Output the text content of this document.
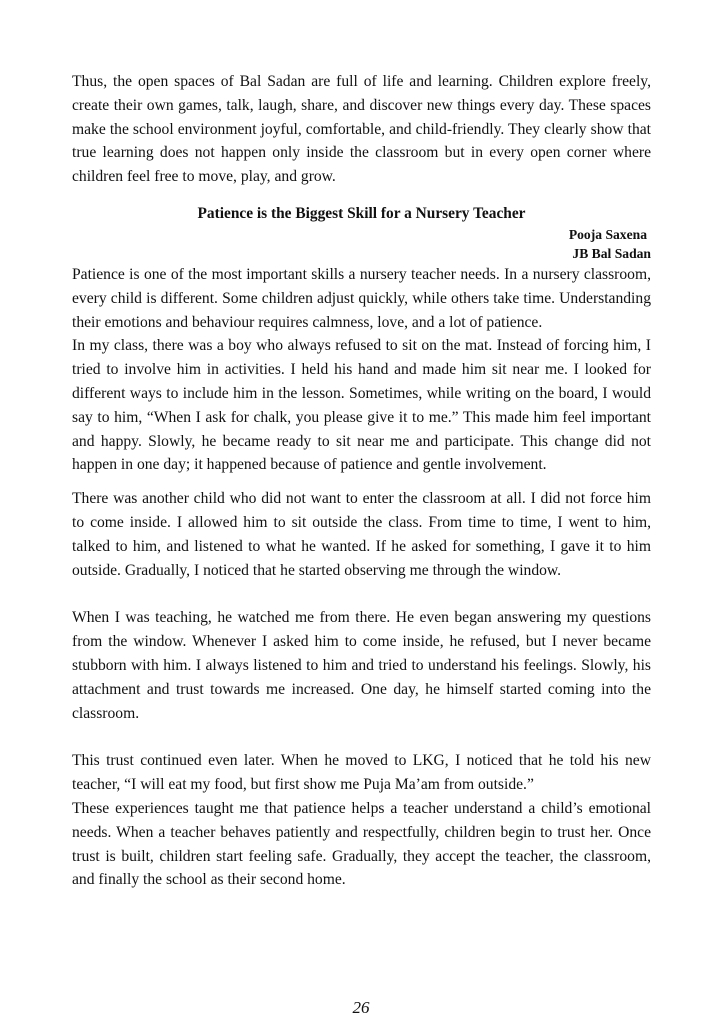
Thus, the open spaces of Bal Sadan are full of life and learning. Children explore freely, create their own games, talk, laugh, share, and discover new things every day. These spaces make the school environment joyful, comfortable, and child-friendly. They clearly show that true learning does not happen only inside the classroom but in every open corner where children feel free to move, play, and grow.

Patience is the Biggest Skill for a Nursery Teacher
Pooja Saxena
JB Bal Sadan

Patience is one of the most important skills a nursery teacher needs. In a nursery classroom, every child is different. Some children adjust quickly, while others take time. Understanding their emotions and behaviour requires calmness, love, and a lot of patience.

In my class, there was a boy who always refused to sit on the mat. Instead of forcing him, I tried to involve him in activities. I held his hand and made him sit near me. I looked for different ways to include him in the lesson. Sometimes, while writing on the board, I would say to him, “When I ask for chalk, you please give it to me.” This made him feel important and happy. Slowly, he became ready to sit near me and participate. This change did not happen in one day; it happened because of patience and gentle involvement.

There was another child who did not want to enter the classroom at all. I did not force him to come inside. I allowed him to sit outside the class. From time to time, I went to him, talked to him, and listened to what he wanted. If he asked for something, I gave it to him outside. Gradually, I noticed that he started observing me through the window.

When I was teaching, he watched me from there. He even began answering my questions from the window. Whenever I asked him to come inside, he refused, but I never became stubborn with him. I always listened to him and tried to understand his feelings. Slowly, his attachment and trust towards me increased. One day, he himself started coming into the classroom.

This trust continued even later. When he moved to LKG, I noticed that he told his new teacher, “I will eat my food, but first show me Puja Ma’am from outside.”

These experiences taught me that patience helps a teacher understand a child’s emotional needs. When a teacher behaves patiently and respectfully, children begin to trust her. Once trust is built, children start feeling safe. Gradually, they accept the teacher, the classroom, and finally the school as their second home.

26
